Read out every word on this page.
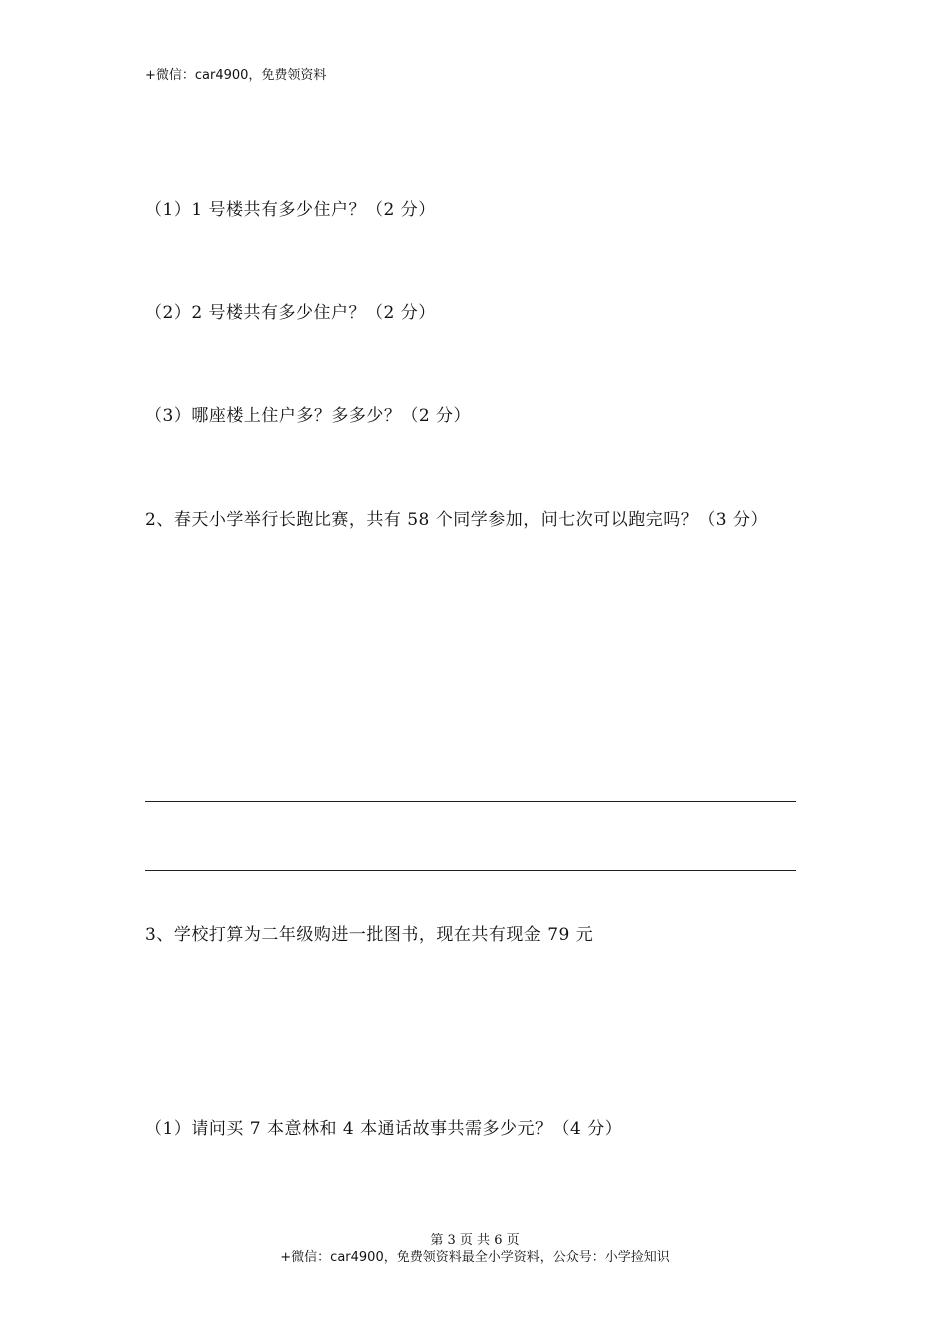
+微信：car4900，免费领资料
（1）1 号楼共有多少住户？（2 分）
（2）2 号楼共有多少住户？（2 分）
（3）哪座楼上住户多？多多少？（2 分）
2、春天小学举行长跑比赛，共有 58 个同学参加，问七次可以跑完吗？（3 分）
3、学校打算为二年级购进一批图书，现在共有现金 79 元
（1）请问买 7 本意林和 4 本通话故事共需多少元？（4 分）
第 3 页 共 6 页
+微信：car4900，免费领资料最全小学资料，公众号：小学捡知识
